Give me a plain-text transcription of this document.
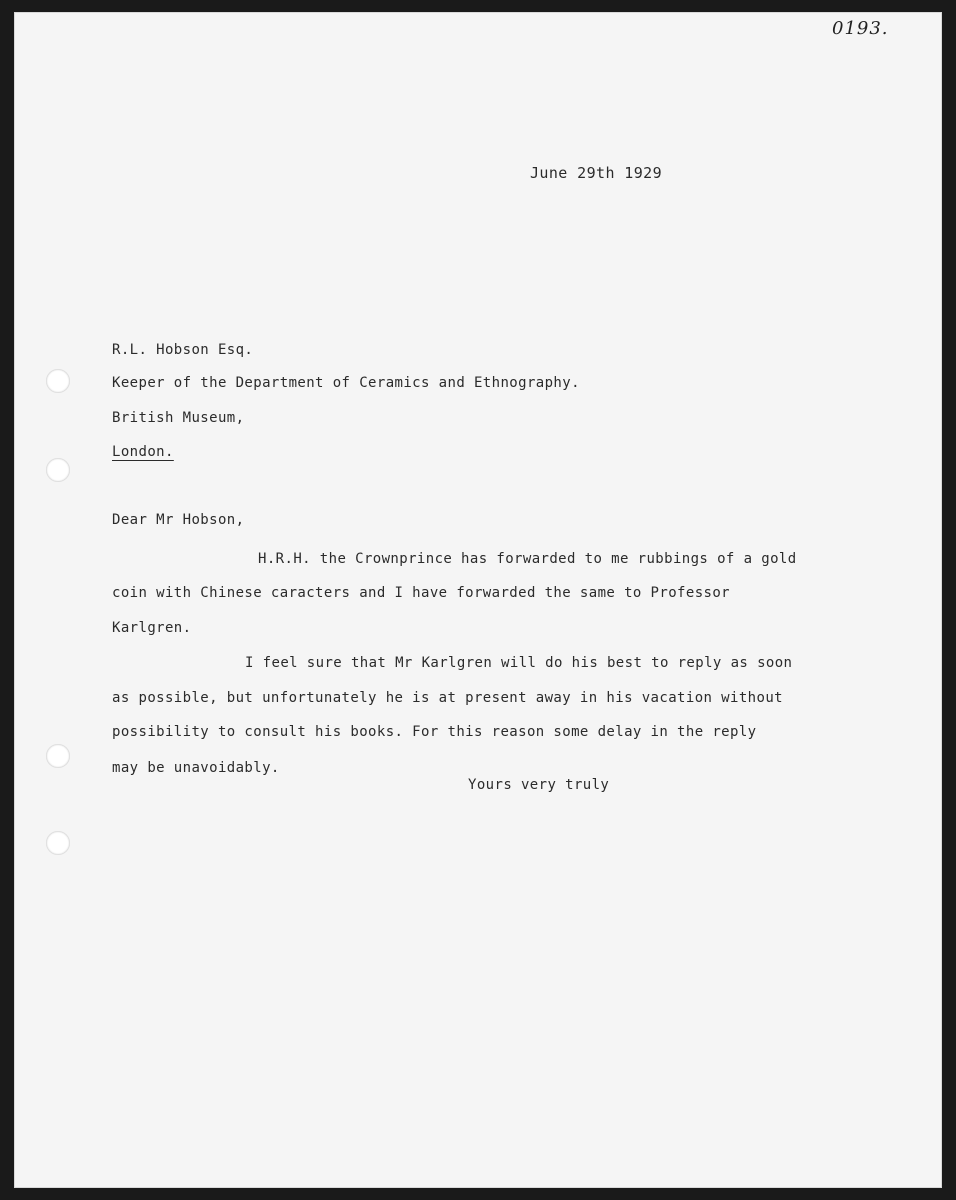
0193.
June 29th 1929
R.L. Hobson Esq.
Keeper of the Department of Ceramics and Ethnography.
British Museum,
London.
Dear Mr Hobson,
H.R.H. the Crownprince has forwarded to me rubbings of a gold
coin with Chinese caracters and I have forwarded the same to Professor
Karlgren.
I feel sure that Mr Karlgren will do his best to reply as soon
as possible, but unfortunately he is at present away in his vacation without
possibility to consult his books. For this reason some delay in the reply
may be unavoidably.
Yours very truly
